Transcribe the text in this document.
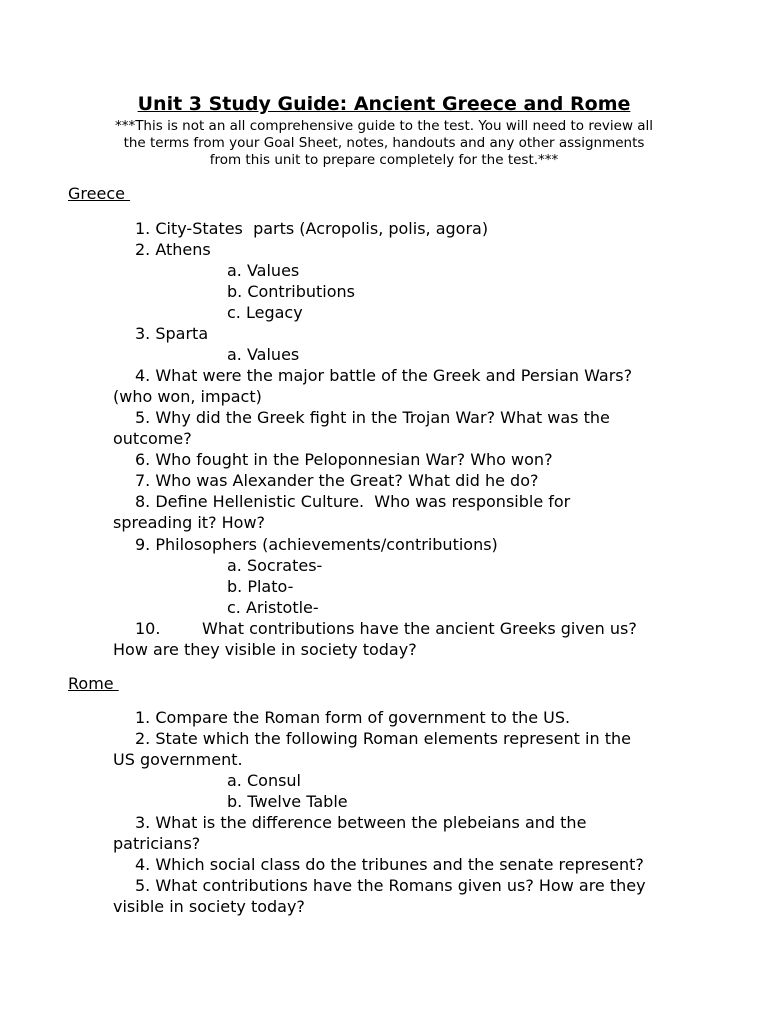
Unit 3 Study Guide: Ancient Greece and Rome
***This is not an all comprehensive guide to the test. You will need to review all
the terms from your Goal Sheet, notes, handouts and any other assignments
from this unit to prepare completely for the test.***
Greece
1. City-States  parts (Acropolis, polis, agora)
2. Athens
a. Values
b. Contributions
c. Legacy
3. Sparta
a. Values
4. What were the major battle of the Greek and Persian Wars?
(who won, impact)
5. Why did the Greek fight in the Trojan War? What was the
outcome?
6. Who fought in the Peloponnesian War? Who won?
7. Who was Alexander the Great? What did he do?
8. Define Hellenistic Culture.  Who was responsible for
spreading it? How?
9. Philosophers (achievements/contributions)
a. Socrates-
b. Plato-
c. Aristotle-
10.	What contributions have the ancient Greeks given us?
How are they visible in society today?
Rome
1. Compare the Roman form of government to the US.
2. State which the following Roman elements represent in the
US government.
a. Consul
b. Twelve Table
3. What is the difference between the plebeians and the
patricians?
4. Which social class do the tribunes and the senate represent?
5. What contributions have the Romans given us? How are they
visible in society today?
